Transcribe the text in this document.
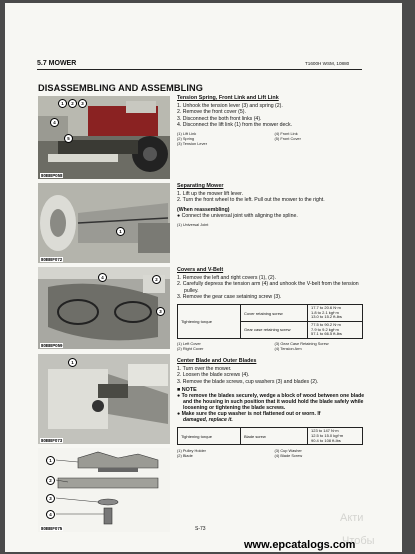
5.7 MOWER	T1600H WSM, 10880
DISASSEMBLING AND ASSEMBLING
1	2	3
4
5
80BBP058
1
80BBF072
4	2
3
80BBP059
1
80BBF073
1
2
3
4
80BBF075
Tension Spring, Front Link and Lift Link
1. Unhook the tension lever (3) and spring (2).
2. Remove the front cover (5).
3. Disconnect the both front links (4).
4. Disconnect the lift link (1) from the mower deck.
(1) Lift Link	(4) Front Link
(2) Spring	(5) Front Cover
(3) Tension Lever
Separating Mower
1. Lift up the mower lift lever.
2. Turn the front wheel to the left. Pull out the mower to the right.
(When reassembling)
● Connect the universal joint with aligning the spline.
(1) Universal Joint
Covers and V-Belt
1. Remove the left and right covers (1), (2).
2. Carefully depress the tension arm (4) and unhook the V-belt from the tension pulley.
3. Remove the gear case setaining screw (3).
Tightening torque	Cover retaining screw	17.7 to 20.6 N·m
1.8 to 2.1 kgf·m
13.0 to 15.2 ft-lbs
	Gear case retaining screw	77.5 to 90.2 N·m
7.9 to 9.2 kgf·m
57.1 to 66.5 ft-lbs
(1) Left Cover	(3) Gear Case Retaining Screw
(2) Right Cover	(4) Tension Arm
Center Blade and Outer Blades
1. Turn over the mower.
2. Loosen the blade screws (4).
3. Remove the blade screws, cup washers (3) and blades (2).
■ NOTE
● To remove the blades securely, wedge a block of wood between one blade and the housing in such position that it would hold the blade safely while loosening or tightening the blade screws.
● Make sure the cup washer is not flattened out or worn. If
damaged, replace it.
Tightening torque	Blade screw	123 to 147 N·m
12.5 to 15.0 kgf·m
90.4 to 108 ft-lbs
(1) Pulley Holder	(3) Cup Washer
(2) Blade	(4) Blade Screw
S-73
Акти
Чтобы
www.epcatalogs.com
